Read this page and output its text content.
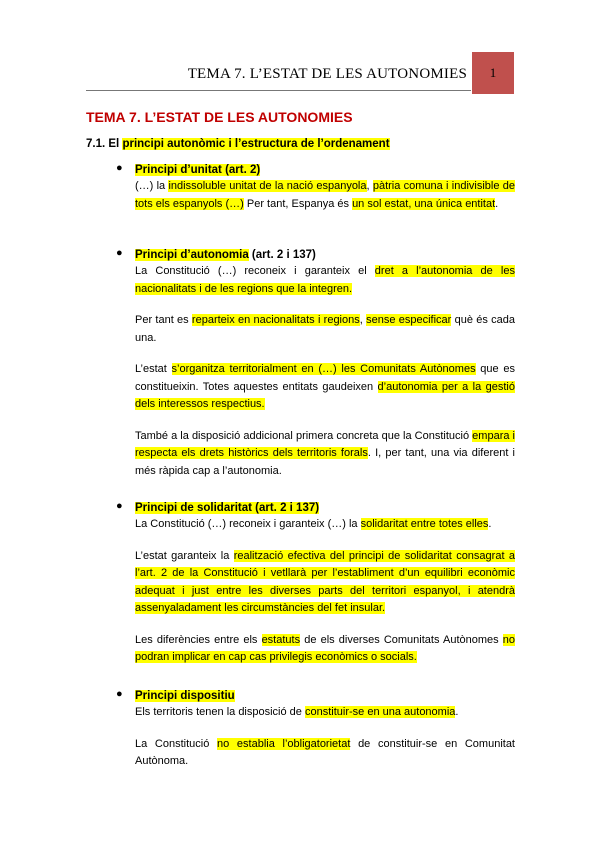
TEMA 7. L’ESTAT DE LES AUTONOMIES 1
TEMA 7. L’ESTAT DE LES AUTONOMIES
7.1. El principi autonòmic i l’estructura de l’ordenament
● Principi d’unitat (art. 2)

(…) la indissoluble unitat de la nació espanyola, pàtria comuna i indivisible de tots els espanyols (…) Per tant, Espanya és un sol estat, una única entitat.

● Principi d’autonomia (art. 2 i 137)

La Constitució (…) reconeix i garanteix el dret a l’autonomia de les nacionalitats i de les regions que la integren.

Per tant es reparteix en nacionalitats i regions, sense especificar què és cada una.

L’estat s’organitza territorialment en (…) les Comunitats Autònomes que es constitueixin. Totes aquestes entitats gaudeixen d’autonomia per a la gestió dels interessos respectius.

També a la disposició addicional primera concreta que la Constitució empara i respecta els drets històrics dels territoris forals. I, per tant, una via diferent i més ràpida cap a l’autonomia.

● Principi de solidaritat (art. 2 i 137)

La Constitució (…) reconeix i garanteix (…) la solidaritat entre totes elles.

L’estat garanteix la realització efectiva del principi de solidaritat consagrat a l’art. 2 de la Constitució i vetllarà per l’establiment d’un equilibri econòmic adequat i just entre les diverses parts del territori espanyol, i atendrà assenyaladament les circumstàncies del fet insular.

Les diferències entre els estatuts de els diverses Comunitats Autònomes no podran implicar en cap cas privilegis econòmics o socials.

● Principi dispositiu

Els territoris tenen la disposició de constituir-se en una autonomia.

La Constitució no establia l’obligatorietat de constituir-se en Comunitat Autònoma.
